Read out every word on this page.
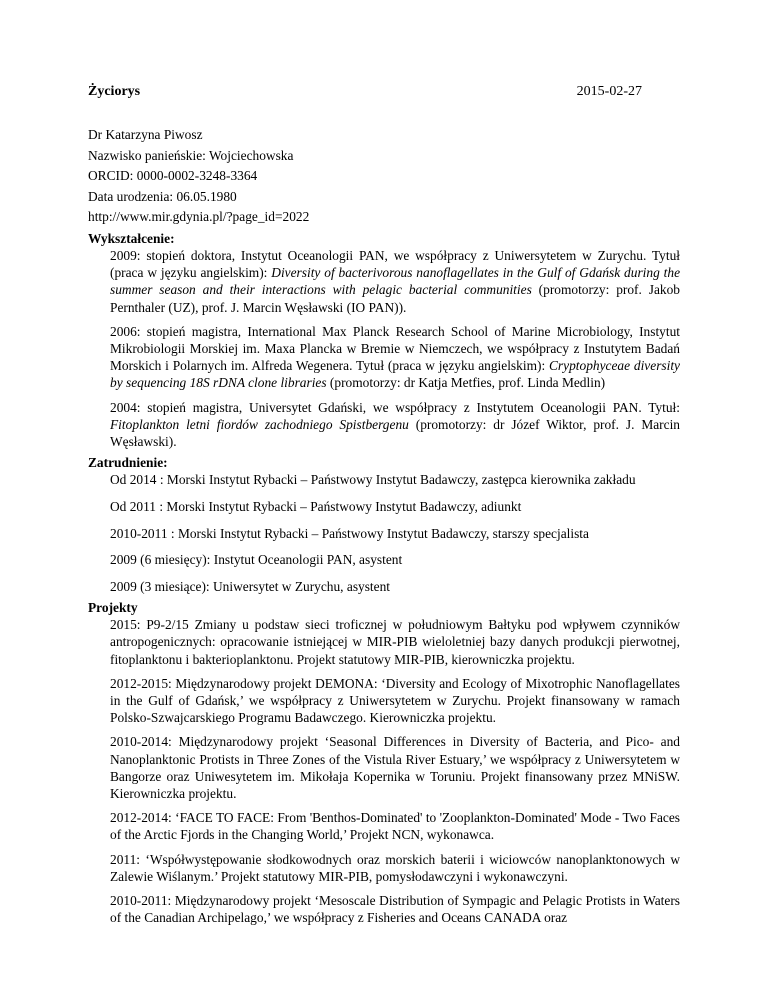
Życiorys	2015-02-27
Dr Katarzyna Piwosz
Nazwisko panieńskie: Wojciechowska
ORCID: 0000-0002-3248-3364
Data urodzenia: 06.05.1980
http://www.mir.gdynia.pl/?page_id=2022
Wykształcenie:
2009: stopień doktora, Instytut Oceanologii PAN, we współpracy z Uniwersytetem w Zurychu. Tytuł (praca w języku angielskim): Diversity of bacterivorous nanoflagellates in the Gulf of Gdańsk during the summer season and their interactions with pelagic bacterial communities (promotorzy: prof. Jakob Pernthaler (UZ), prof. J. Marcin Węsławski (IO PAN)).
2006: stopień magistra, International Max Planck Research School of Marine Microbiology, Instytut Mikrobiologii Morskiej im. Maxa Plancka w Bremie w Niemczech, we współpracy z Instutytem Badań Morskich i Polarnych im. Alfreda Wegenera. Tytuł (praca w języku angielskim): Cryptophyceae diversity by sequencing 18S rDNA clone libraries (promotorzy: dr Katja Metfies, prof. Linda Medlin)
2004: stopień magistra, Universytet Gdański, we współpracy z Instytutem Oceanologii PAN. Tytuł: Fitoplankton letni fiordów zachodniego Spistbergenu (promotorzy: dr Józef Wiktor, prof. J. Marcin Węsławski).
Zatrudnienie:
Od 2014 : Morski Instytut Rybacki – Państwowy Instytut Badawczy, zastępca kierownika zakładu
Od 2011 : Morski Instytut Rybacki – Państwowy Instytut Badawczy, adiunkt
2010-2011 : Morski Instytut Rybacki – Państwowy Instytut Badawczy, starszy specjalista
2009 (6 miesięcy): Instytut Oceanologii PAN, asystent
2009 (3 miesiące): Uniwersytet w Zurychu, asystent
Projekty
2015: P9-2/15 Zmiany u podstaw sieci troficznej w południowym Bałtyku pod wpływem czynników antropogenicznych: opracowanie istniejącej w MIR-PIB wieloletniej bazy danych produkcji pierwotnej, fitoplanktonu i bakterioplanktonu. Projekt statutowy MIR-PIB, kierowniczka projektu.
2012-2015: Międzynarodowy projekt DEMONA: ‘Diversity and Ecology of Mixotrophic Nanoflagellates in the Gulf of Gdańsk,’ we współpracy z Uniwersytetem w Zurychu. Projekt finansowany w ramach Polsko-Szwajcarskiego Programu Badawczego. Kierowniczka projektu.
2010-2014: Międzynarodowy projekt ‘Seasonal Differences in Diversity of Bacteria, and Pico- and Nanoplanktonic Protists in Three Zones of the Vistula River Estuary,’ we współpracy z Uniwersytetem w Bangorze oraz Uniwesytetem im. Mikołaja Kopernika w Toruniu. Projekt finansowany przez MNiSW. Kierowniczka projektu.
2012-2014: ‘FACE TO FACE: From 'Benthos-Dominated' to 'Zooplankton-Dominated' Mode - Two Faces of the Arctic Fjords in the Changing World,’ Projekt NCN, wykonawca.
2011: ‘Współwystępowanie słodkowodnych oraz morskich baterii i wiciowców nanoplanktonowych w Zalewie Wiślanym.’ Projekt statutowy MIR-PIB, pomysłodawczyni i wykonawczyni.
2010-2011: Międzynarodowy projekt ‘Mesoscale Distribution of Sympagic and Pelagic Protists in Waters of the Canadian Archipelago,’ we współpracy z Fisheries and Oceans CANADA oraz
